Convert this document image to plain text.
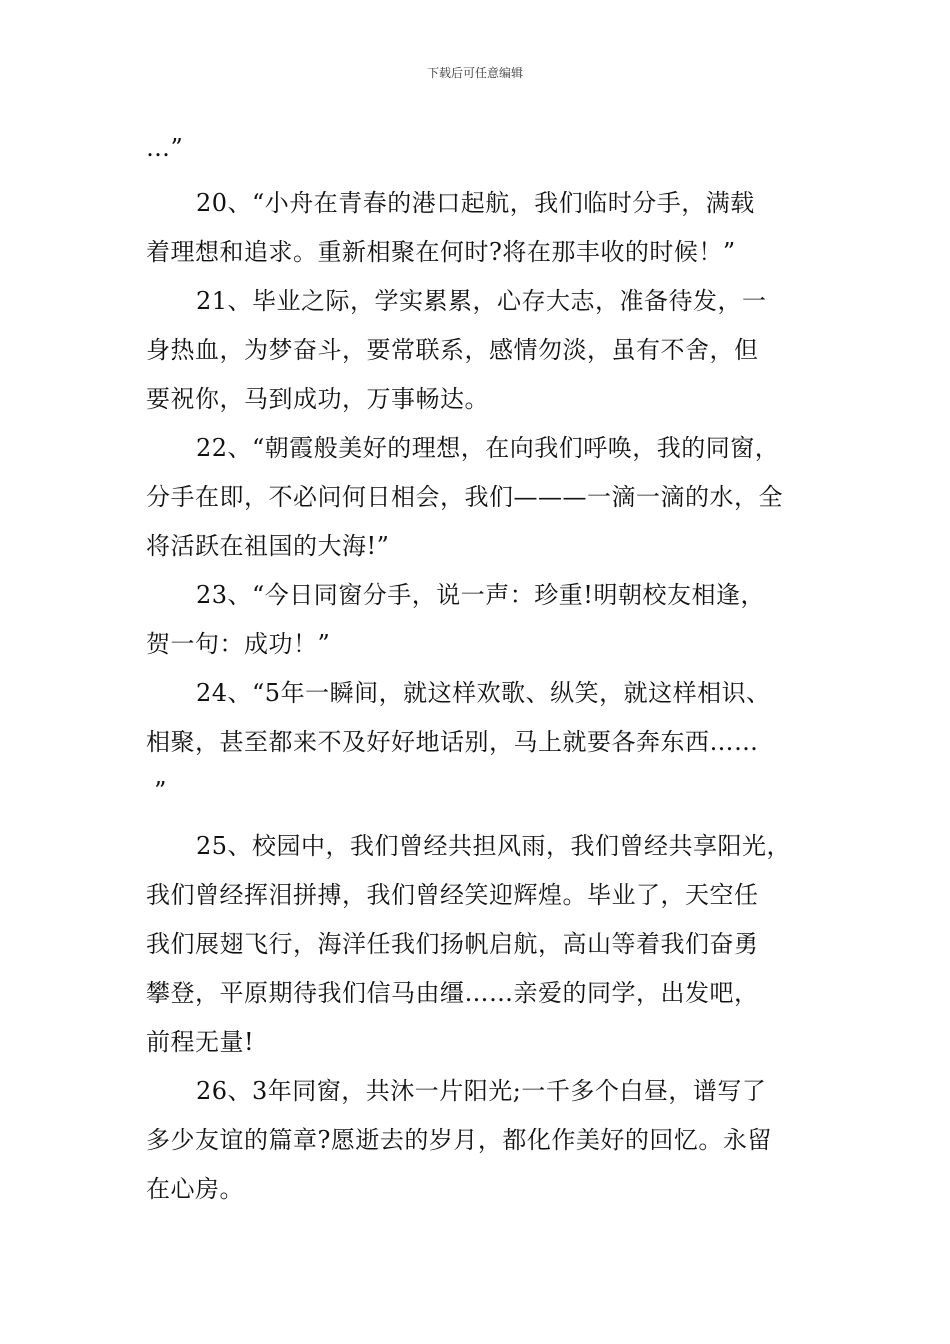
下载后可任意编辑

…”

20、“小舟在青春的港口起航，我们临时分手，满载

着理想和追求。重新相聚在何时?将在那丰收的时候！”

21、毕业之际，学实累累，心存大志，准备待发，一

身热血，为梦奋斗，要常联系，感情勿淡，虽有不舍，但

要祝你，马到成功，万事畅达。

22、“朝霞般美好的理想，在向我们呼唤，我的同窗，

分手在即，不必问何日相会，我们———一滴一滴的水，全

将活跃在祖国的大海!”

23、“今日同窗分手，说一声：珍重!明朝校友相逢，

贺一句：成功！”

24、“5年一瞬间，就这样欢歌、纵笑，就这样相识、

相聚，甚至都来不及好好地话别，马上就要各奔东西……

”

25、校园中，我们曾经共担风雨，我们曾经共享阳光，

我们曾经挥泪拼搏，我们曾经笑迎辉煌。毕业了，天空任

我们展翅飞行，海洋任我们扬帆启航，高山等着我们奋勇

攀登，平原期待我们信马由缰……亲爱的同学，出发吧，

前程无量!

26、3年同窗，共沐一片阳光;一千多个白昼，谱写了

多少友谊的篇章?愿逝去的岁月，都化作美好的回忆。永留

在心房。
